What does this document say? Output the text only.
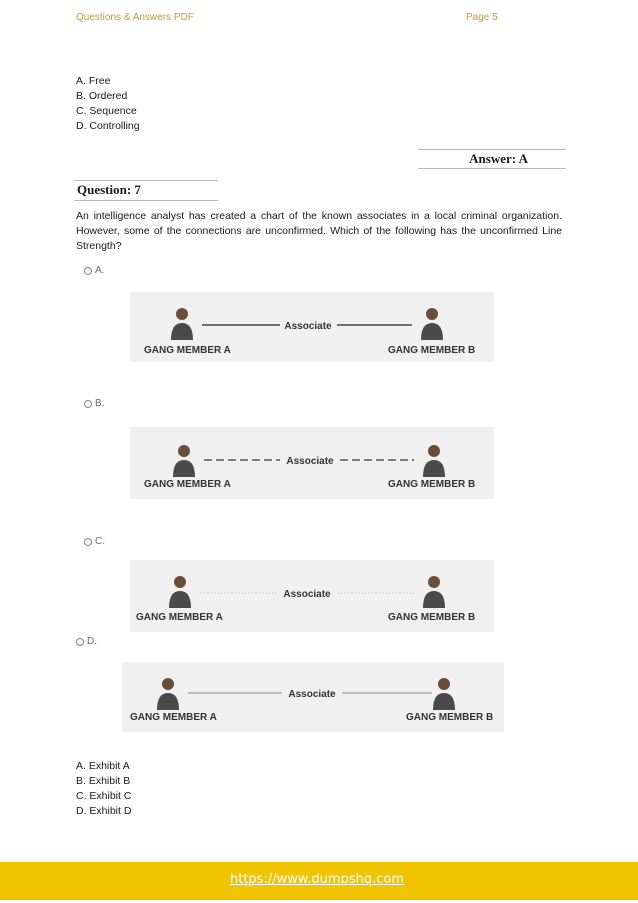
Questions & Answers PDF	Page 5
A. Free
B. Ordered
C. Sequence
D. Controlling
Answer: A
Question: 7
An intelligence analyst has created a chart of the known associates in a local criminal organization. However, some of the connections are unconfirmed. Which of the following has the unconfirmed Line Strength?
A.
Associate
GANG MEMBER A	GANG MEMBER B
B.
Associate
GANG MEMBER A	GANG MEMBER B
C.
Associate
GANG MEMBER A	GANG MEMBER B
D.
Associate
GANG MEMBER A	GANG MEMBER B
A. Exhibit A
B. Exhibit B
C. Exhibit C
D. Exhibit D
https://www.dumpshq.com
